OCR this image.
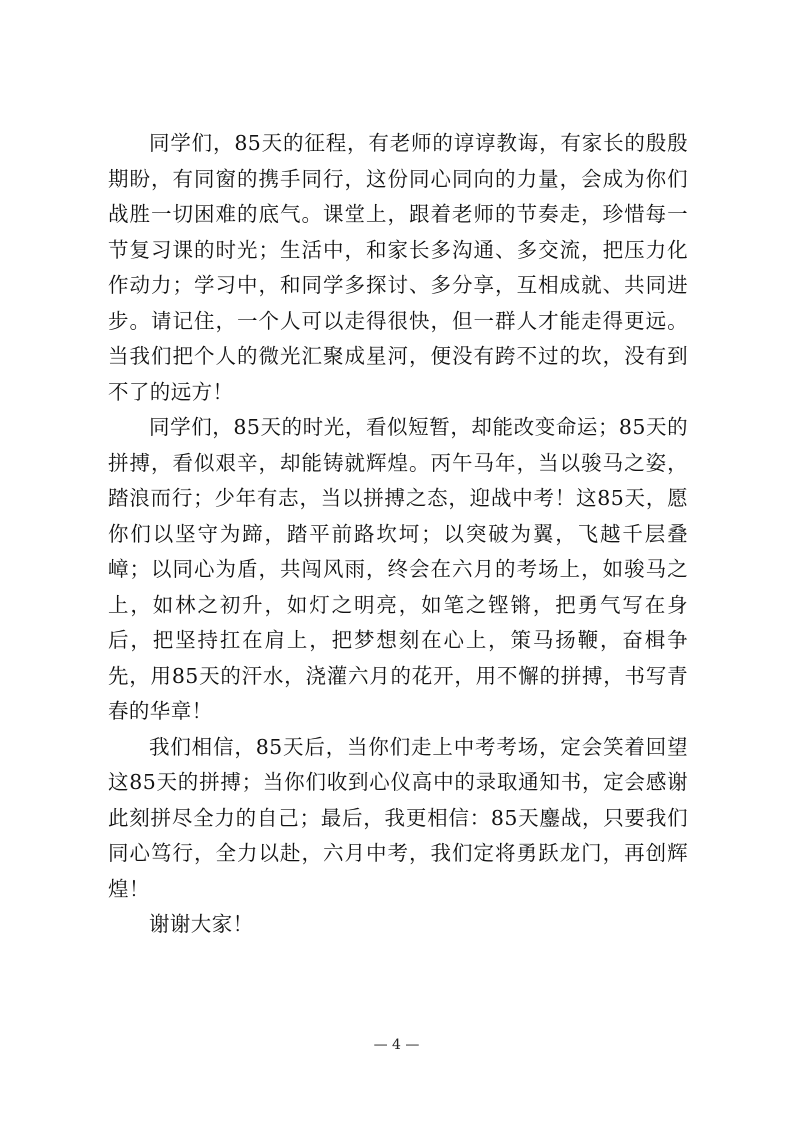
同学们，85天的征程，有老师的谆谆教诲，有家长的殷殷期盼，有同窗的携手同行，这份同心同向的力量，会成为你们战胜一切困难的底气。课堂上，跟着老师的节奏走，珍惜每一节复习课的时光；生活中，和家长多沟通、多交流，把压力化作动力；学习中，和同学多探讨、多分享，互相成就、共同进步。请记住，一个人可以走得很快，但一群人才能走得更远。当我们把个人的微光汇聚成星河，便没有跨不过的坎，没有到不了的远方！

同学们，85天的时光，看似短暂，却能改变命运；85天的拼搏，看似艰辛，却能铸就辉煌。丙午马年，当以骏马之姿，踏浪而行；少年有志，当以拼搏之态，迎战中考！这85天，愿你们以坚守为蹄，踏平前路坎坷；以突破为翼，飞越千层叠嶂；以同心为盾，共闯风雨，终会在六月的考场上，如骏马之上，如林之初升，如灯之明亮，如笔之铿锵，把勇气写在身后，把坚持扛在肩上，把梦想刻在心上，策马扬鞭，奋楫争先，用85天的汗水，浇灌六月的花开，用不懈的拼搏，书写青春的华章！

我们相信，85天后，当你们走上中考考场，定会笑着回望这85天的拼搏；当你们收到心仪高中的录取通知书，定会感谢此刻拼尽全力的自己；最后，我更相信：85天鏖战，只要我们同心笃行，全力以赴，六月中考，我们定将勇跃龙门，再创辉煌！

谢谢大家！

— 4 —
